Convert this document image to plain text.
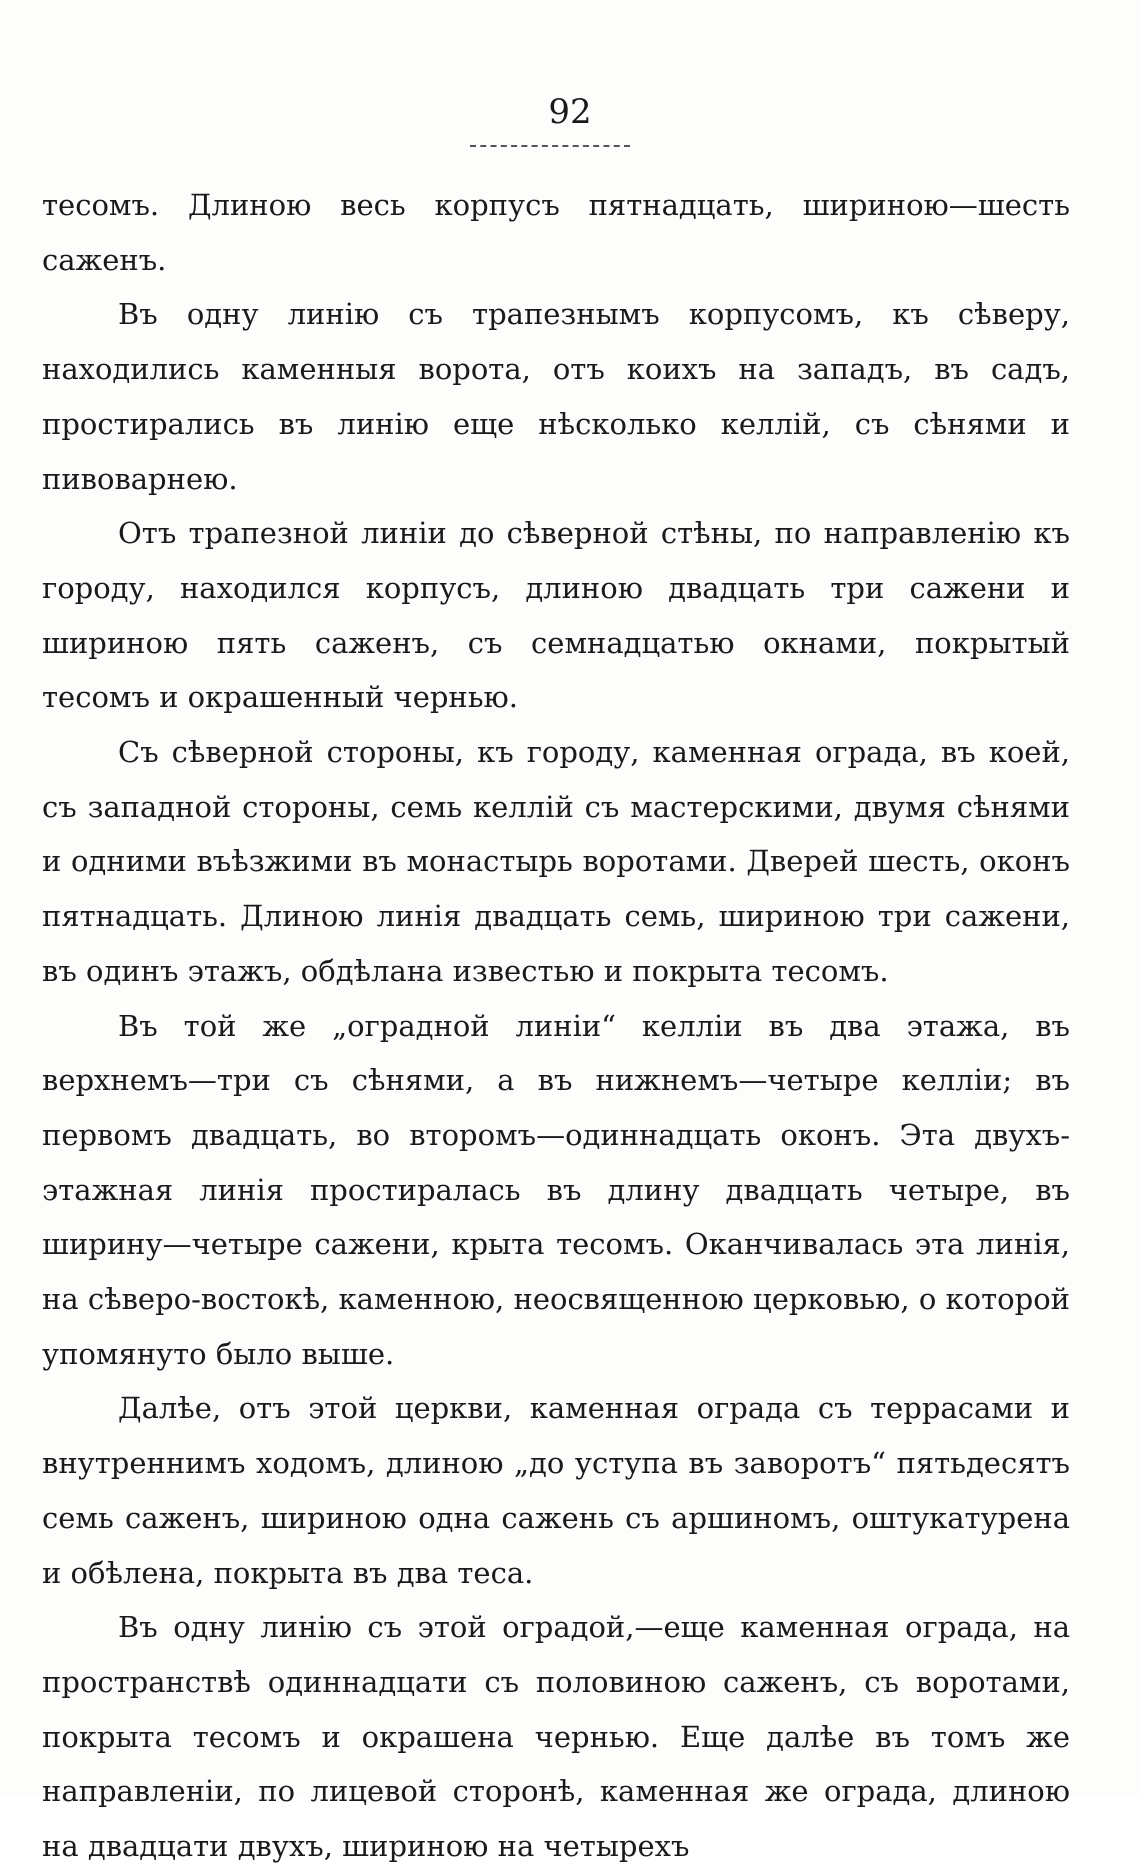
92

тесомъ. Длиною весь корпусъ пятнадцать, шириною—шесть саженъ.

Въ одну линію съ трапезнымъ корпусомъ, къ сѣверу, находились каменныя ворота, отъ коихъ на западъ, въ садъ, простирались въ линію еще нѣсколько келлій, съ сѣнями и пивоварнею.

Отъ трапезной линіи до сѣверной стѣны, по направленію къ городу, находился корпусъ, длиною двадцать три сажени и шириною пять саженъ, съ семнадцатью окнами, покрытый тесомъ и окрашенный чернью.

Съ сѣверной стороны, къ городу, каменная ограда, въ коей, съ западной стороны, семь келлій съ мастерскими, двумя сѣнями и одними въѣзжими въ монастырь воротами. Дверей шесть, оконъ пятнадцать. Длиною линія двадцать семь, шириною три сажени, въ одинъ этажъ, обдѣлана известью и покрыта тесомъ.

Въ той же „оградной линіи“ келліи въ два этажа, въ верхнемъ—три съ сѣнями, а въ нижнемъ—четыре келліи; въ первомъ двадцать, во второмъ—одиннадцать оконъ. Эта двухъ-этажная линія простиралась въ длину двадцать четыре, въ ширину—четыре сажени, крыта тесомъ. Оканчивалась эта линія, на сѣверо-востокѣ, каменною, неосвященною церковью, о которой упомянуто было выше.

Далѣе, отъ этой церкви, каменная ограда съ террасами и внутреннимъ ходомъ, длиною „до уступа въ заворотъ“ пятьдесятъ семь саженъ, шириною одна сажень съ аршиномъ, оштукатурена и обѣлена, покрыта въ два теса.

Въ одну линію съ этой оградой,—еще каменная ограда, на пространствѣ одиннадцати съ половиною саженъ, съ воротами, покрыта тесомъ и окрашена чернью. Еще далѣе въ томъ же направленіи, по лицевой сторонѣ, каменная же ограда, длиною на двадцати двухъ, шириною на четырехъ
